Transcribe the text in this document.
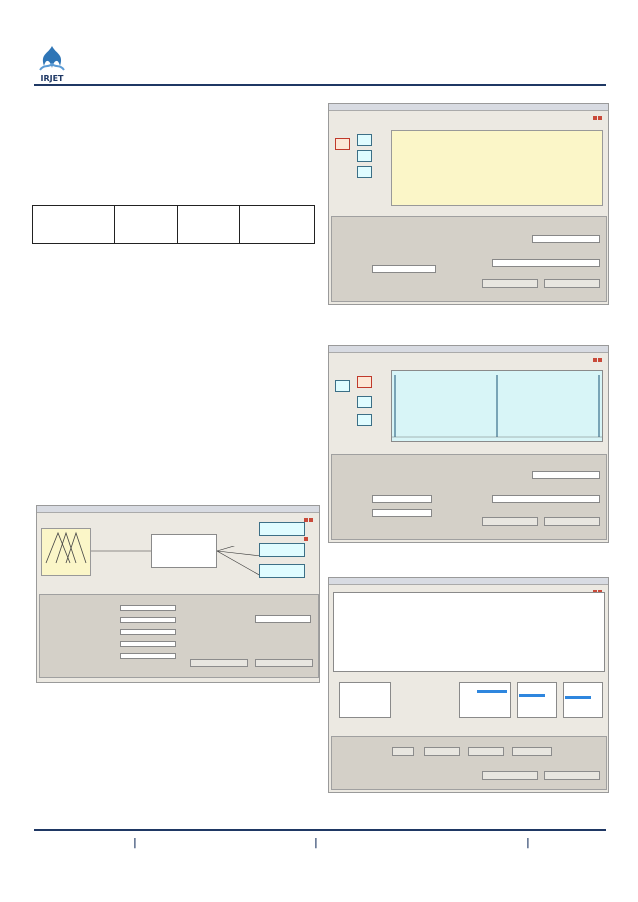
IRJET

|	|	|
